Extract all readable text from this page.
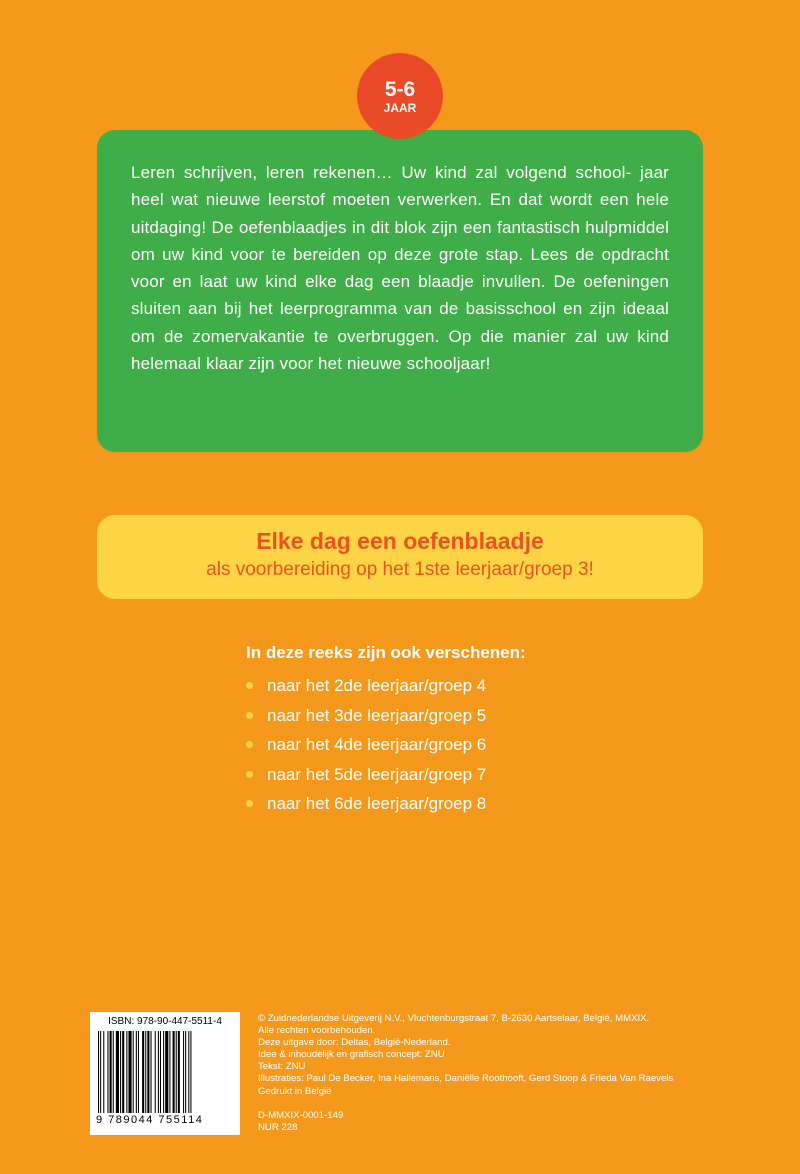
5-6
JAAR

Leren schrijven, leren rekenen… Uw kind zal volgend school- jaar heel wat nieuwe leerstof moeten verwerken. En dat wordt een hele uitdaging! De oefenblaadjes in dit blok zijn een fantastisch hulpmiddel om uw kind voor te bereiden op deze grote stap. Lees de opdracht voor en laat uw kind elke dag een blaadje invullen. De oefeningen sluiten aan bij het leerprogramma van de basisschool en zijn ideaal om de zomervakantie te overbruggen. Op die manier zal uw kind helemaal klaar zijn voor het nieuwe schooljaar!

Elke dag een oefenblaadje
als voorbereiding op het 1ste leerjaar/groep 3!
In deze reeks zijn ook verschenen:
naar het 2de leerjaar/groep 4
naar het 3de leerjaar/groep 5
naar het 4de leerjaar/groep 6
naar het 5de leerjaar/groep 7
naar het 6de leerjaar/groep 8
ISBN: 978-90-447-5511-4
9 789044 755114
© Zuidnederlandse Uitgeverij N.V., Vluchtenburgstraat 7, B-2630 Aartselaar, België, MMXIX.
Alle rechten voorbehouden.
Deze uitgave door: Deltas, België-Nederland.
Idee & inhoudelijk en grafisch concept: ZNU
Tekst: ZNU
Illustraties: Paul De Becker, Ina Hallemans, Daniëlle Roothooft, Gerd Stoop & Frieda Van Raevels
Gedrukt in België

D-MMXIX-0001-149
NUR 228
